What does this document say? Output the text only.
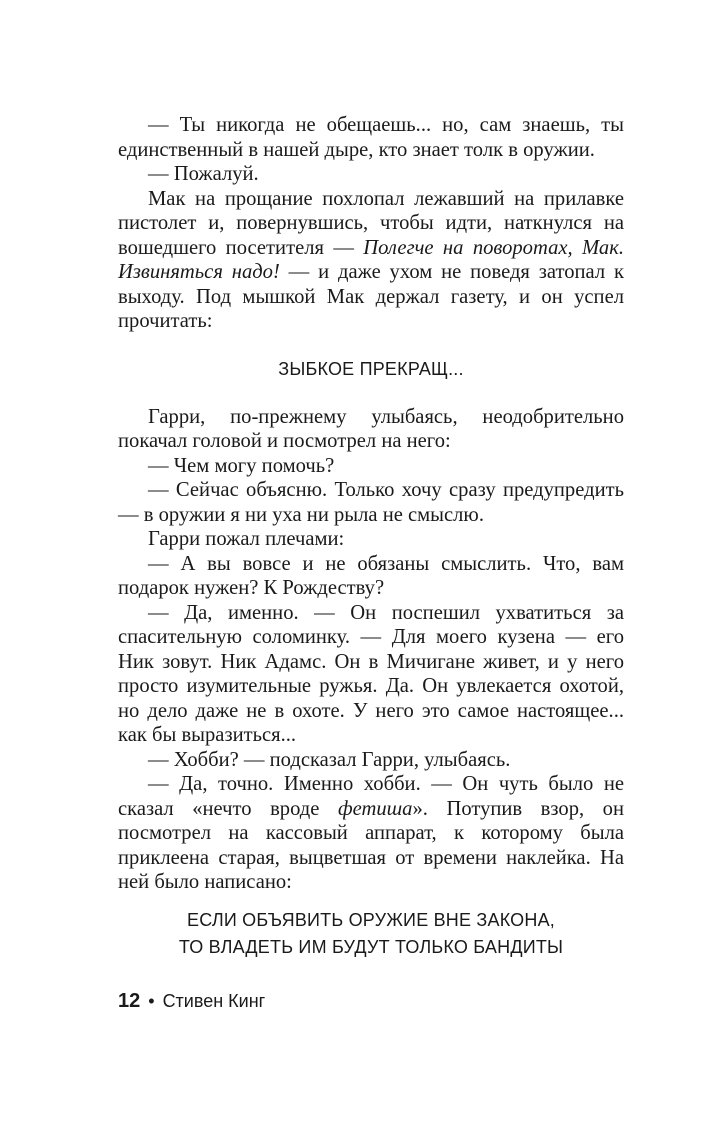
— Ты никогда не обещаешь... но, сам знаешь, ты единственный в нашей дыре, кто знает толк в оружии.

— Пожалуй.

Мак на прощание похлопал лежавший на прилавке пистолет и, повернувшись, чтобы идти, наткнулся на вошедшего посетителя — Полегче на поворотах, Мак. Извиняться надо! — и даже ухом не поведя затопал к выходу. Под мышкой Мак держал газету, и он успел прочитать:

ЗЫБКОЕ ПРЕКРАЩ...

Гарри, по-прежнему улыбаясь, неодобрительно покачал головой и посмотрел на него:

— Чем могу помочь?

— Сейчас объясню. Только хочу сразу предупредить — в оружии я ни уха ни рыла не смыслю.

Гарри пожал плечами:

— А вы вовсе и не обязаны смыслить. Что, вам подарок нужен? К Рождеству?

— Да, именно. — Он поспешил ухватиться за спасительную соломинку. — Для моего кузена — его Ник зовут. Ник Адамс. Он в Мичигане живет, и у него просто изумительные ружья. Да. Он увлекается охотой, но дело даже не в охоте. У него это самое настоящее... как бы выразиться...

— Хобби? — подсказал Гарри, улыбаясь.

— Да, точно. Именно хобби. — Он чуть было не сказал «нечто вроде фетиша». Потупив взор, он посмотрел на кассовый аппарат, к которому была приклеена старая, выцветшая от времени наклейка. На ней было написано:

ЕСЛИ ОБЪЯВИТЬ ОРУЖИЕ ВНЕ ЗАКОНА,

ТО ВЛАДЕТЬ ИМ БУДУТ ТОЛЬКО БАНДИТЫ

12 • Стивен Кинг
